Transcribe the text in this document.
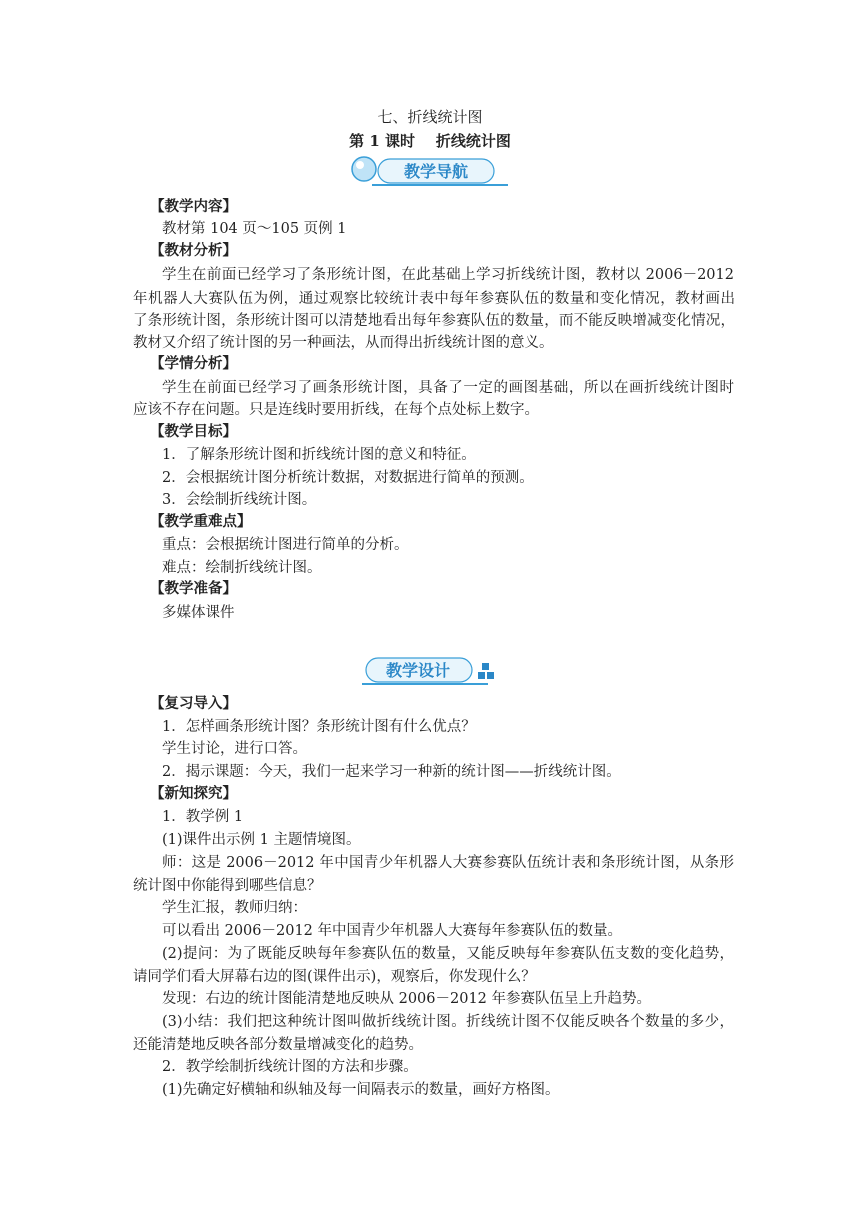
七、折线统计图
第 1 课时 折线统计图
教学导航
【教学内容】
教材第 104 页～105 页例 1
【教材分析】
学生在前面已经学习了条形统计图，在此基础上学习折线统计图，教材以 2006－2012
年机器人大赛队伍为例，通过观察比较统计表中每年参赛队伍的数量和变化情况，教材画出
了条形统计图，条形统计图可以清楚地看出每年参赛队伍的数量，而不能反映增减变化情况，
教材又介绍了统计图的另一种画法，从而得出折线统计图的意义。
【学情分析】
学生在前面已经学习了画条形统计图，具备了一定的画图基础，所以在画折线统计图时
应该不存在问题。只是连线时要用折线，在每个点处标上数字。
【教学目标】
1．了解条形统计图和折线统计图的意义和特征。
2．会根据统计图分析统计数据，对数据进行简单的预测。
3．会绘制折线统计图。
【教学重难点】
重点：会根据统计图进行简单的分析。
难点：绘制折线统计图。
【教学准备】
多媒体课件
教学设计
【复习导入】
1．怎样画条形统计图？条形统计图有什么优点？
学生讨论，进行口答。
2．揭示课题：今天，我们一起来学习一种新的统计图——折线统计图。
【新知探究】
1．教学例 1
(1)课件出示例 1 主题情境图。
师：这是 2006－2012 年中国青少年机器人大赛参赛队伍统计表和条形统计图，从条形
统计图中你能得到哪些信息？
学生汇报，教师归纳：
可以看出 2006－2012 年中国青少年机器人大赛每年参赛队伍的数量。
(2)提问：为了既能反映每年参赛队伍的数量，又能反映每年参赛队伍支数的变化趋势，
请同学们看大屏幕右边的图(课件出示)，观察后，你发现什么？
发现：右边的统计图能清楚地反映从 2006－2012 年参赛队伍呈上升趋势。
(3)小结：我们把这种统计图叫做折线统计图。折线统计图不仅能反映各个数量的多少，
还能清楚地反映各部分数量增减变化的趋势。
2．教学绘制折线统计图的方法和步骤。
(1)先确定好横轴和纵轴及每一间隔表示的数量，画好方格图。
